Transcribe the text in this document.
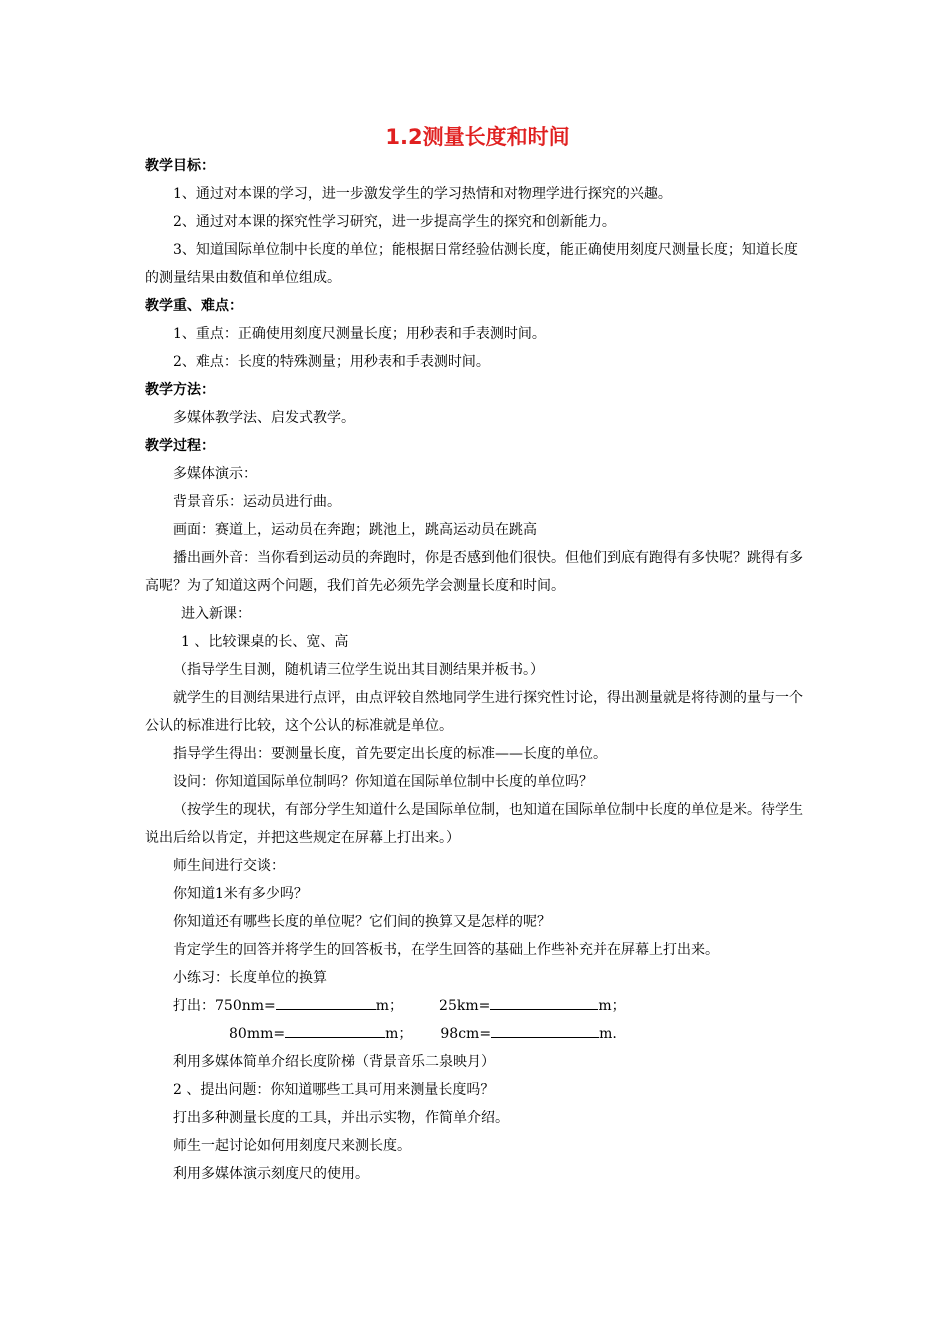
1.2测量长度和时间
教学目标：
1、通过对本课的学习，进一步激发学生的学习热情和对物理学进行探究的兴趣。
2、通过对本课的探究性学习研究，进一步提高学生的探究和创新能力。
3、知道国际单位制中长度的单位；能根据日常经验估测长度，能正确使用刻度尺测量长度；知道长度的测量结果由数值和单位组成。
教学重、难点：
1、重点：正确使用刻度尺测量长度；用秒表和手表测时间。
2、难点：长度的特殊测量；用秒表和手表测时间。
教学方法：
多媒体教学法、启发式教学。
教学过程：
多媒体演示：
背景音乐：运动员进行曲。
画面：赛道上，运动员在奔跑；跳池上，跳高运动员在跳高
播出画外音：当你看到运动员的奔跑时，你是否感到他们很快。但他们到底有跑得有多快呢？跳得有多高呢？为了知道这两个问题，我们首先必须先学会测量长度和时间。
进入新课：
1 、比较课桌的长、宽、高
（指导学生目测，随机请三位学生说出其目测结果并板书。）
就学生的目测结果进行点评，由点评较自然地同学生进行探究性讨论，得出测量就是将待测的量与一个公认的标准进行比较，这个公认的标准就是单位。
指导学生得出：要测量长度，首先要定出长度的标准——长度的单位。
设问：你知道国际单位制吗？你知道在国际单位制中长度的单位吗？
（按学生的现状，有部分学生知道什么是国际单位制，也知道在国际单位制中长度的单位是米。待学生说出后给以肯定，并把这些规定在屏幕上打出来。）
师生间进行交谈：
你知道1米有多少吗？
你知道还有哪些长度的单位呢？它们间的换算又是怎样的呢？
肯定学生的回答并将学生的回答板书，在学生回答的基础上作些补充并在屏幕上打出来。
小练习：长度单位的换算
打出：750nm=	m；	25km=	m；
80mm=	m； 98cm=	m.
利用多媒体简单介绍长度阶梯（背景音乐二泉映月）
2 、提出问题：你知道哪些工具可用来测量长度吗？
打出多种测量长度的工具，并出示实物，作简单介绍。
师生一起讨论如何用刻度尺来测长度。
利用多媒体演示刻度尺的使用。
